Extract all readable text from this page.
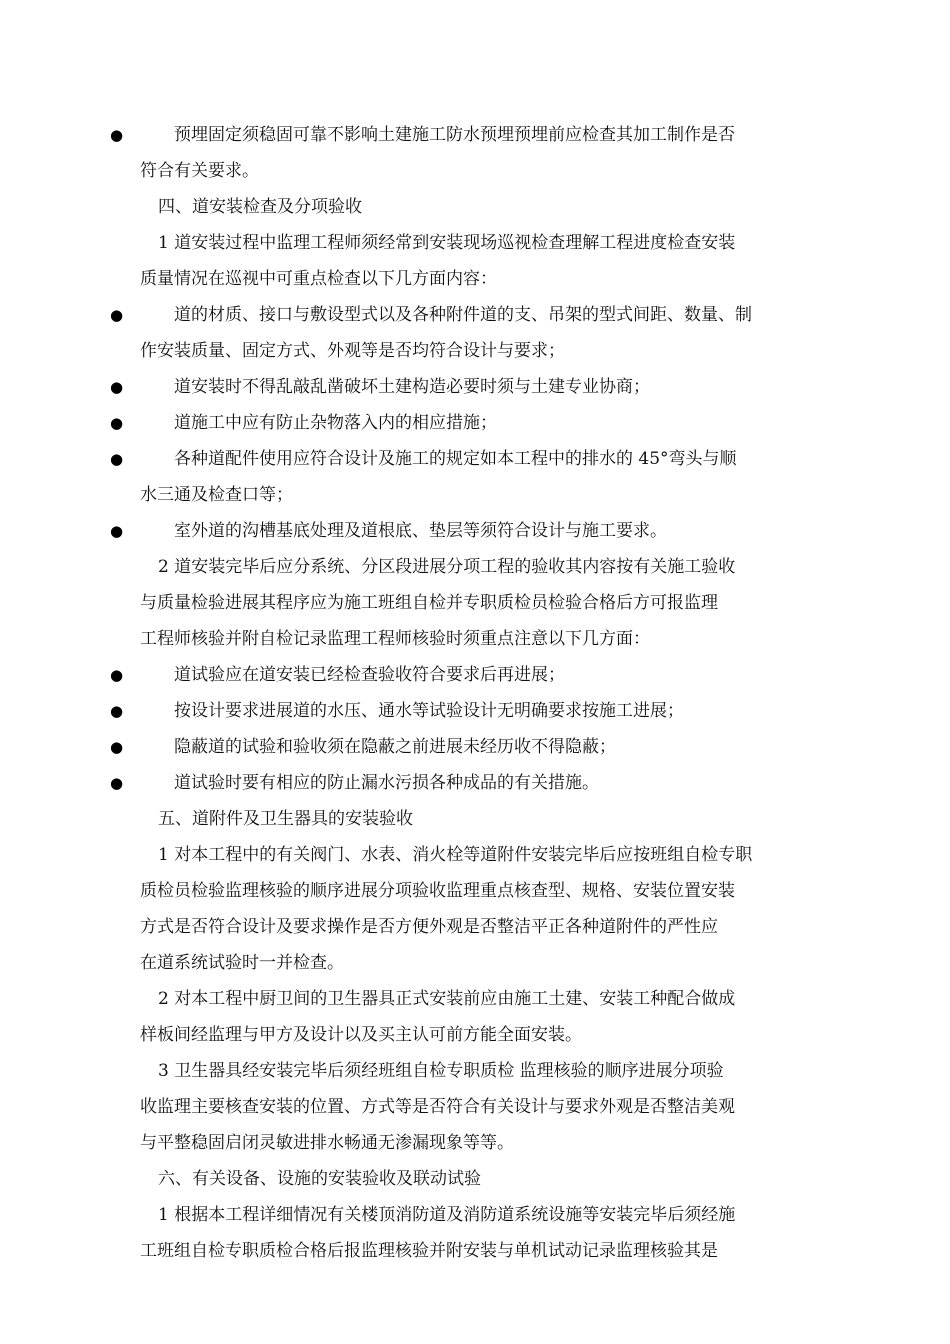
●	预埋固定须稳固可靠不影响土建施工防水预埋预埋前应检查其加工制作是否
符合有关要求。
四、道安装检查及分项验收
1 道安装过程中监理工程师须经常到安装现场巡视检查理解工程进度检查安装
质量情况在巡视中可重点检查以下几方面内容：
●	道的材质、接口与敷设型式以及各种附件道的支、吊架的型式间距、数量、制
作安装质量、固定方式、外观等是否均符合设计与要求；
●	道安装时不得乱敲乱凿破坏土建构造必要时须与土建专业协商；
●	道施工中应有防止杂物落入内的相应措施；
●	各种道配件使用应符合设计及施工的规定如本工程中的排水的 45°弯头与顺
水三通及检查口等；
●	室外道的沟槽基底处理及道根底、垫层等须符合设计与施工要求。
2 道安装完毕后应分系统、分区段进展分项工程的验收其内容按有关施工验收
与质量检验进展其程序应为施工班组自检并专职质检员检验合格后方可报监理
工程师核验并附自检记录监理工程师核验时须重点注意以下几方面：
●	道试验应在道安装已经检查验收符合要求后再进展；
●	按设计要求进展道的水压、通水等试验设计无明确要求按施工进展；
●	隐蔽道的试验和验收须在隐蔽之前进展未经历收不得隐蔽；
●	道试验时要有相应的防止漏水污损各种成品的有关措施。
五、道附件及卫生器具的安装验收
1 对本工程中的有关阀门、水表、消火栓等道附件安装完毕后应按班组自检专职
质检员检验监理核验的顺序进展分项验收监理重点核查型、规格、安装位置安装
方式是否符合设计及要求操作是否方便外观是否整洁平正各种道附件的严性应
在道系统试验时一并检查。
2 对本工程中厨卫间的卫生器具正式安装前应由施工土建、安装工种配合做成
样板间经监理与甲方及设计以及买主认可前方能全面安装。
3 卫生器具经安装完毕后须经班组自检专职质检 监理核验的顺序进展分项验
收监理主要核查安装的位置、方式等是否符合有关设计与要求外观是否整洁美观
与平整稳固启闭灵敏进排水畅通无渗漏现象等等。
六、有关设备、设施的安装验收及联动试验
1 根据本工程详细情况有关楼顶消防道及消防道系统设施等安装完毕后须经施
工班组自检专职质检合格后报监理核验并附安装与单机试动记录监理核验其是
